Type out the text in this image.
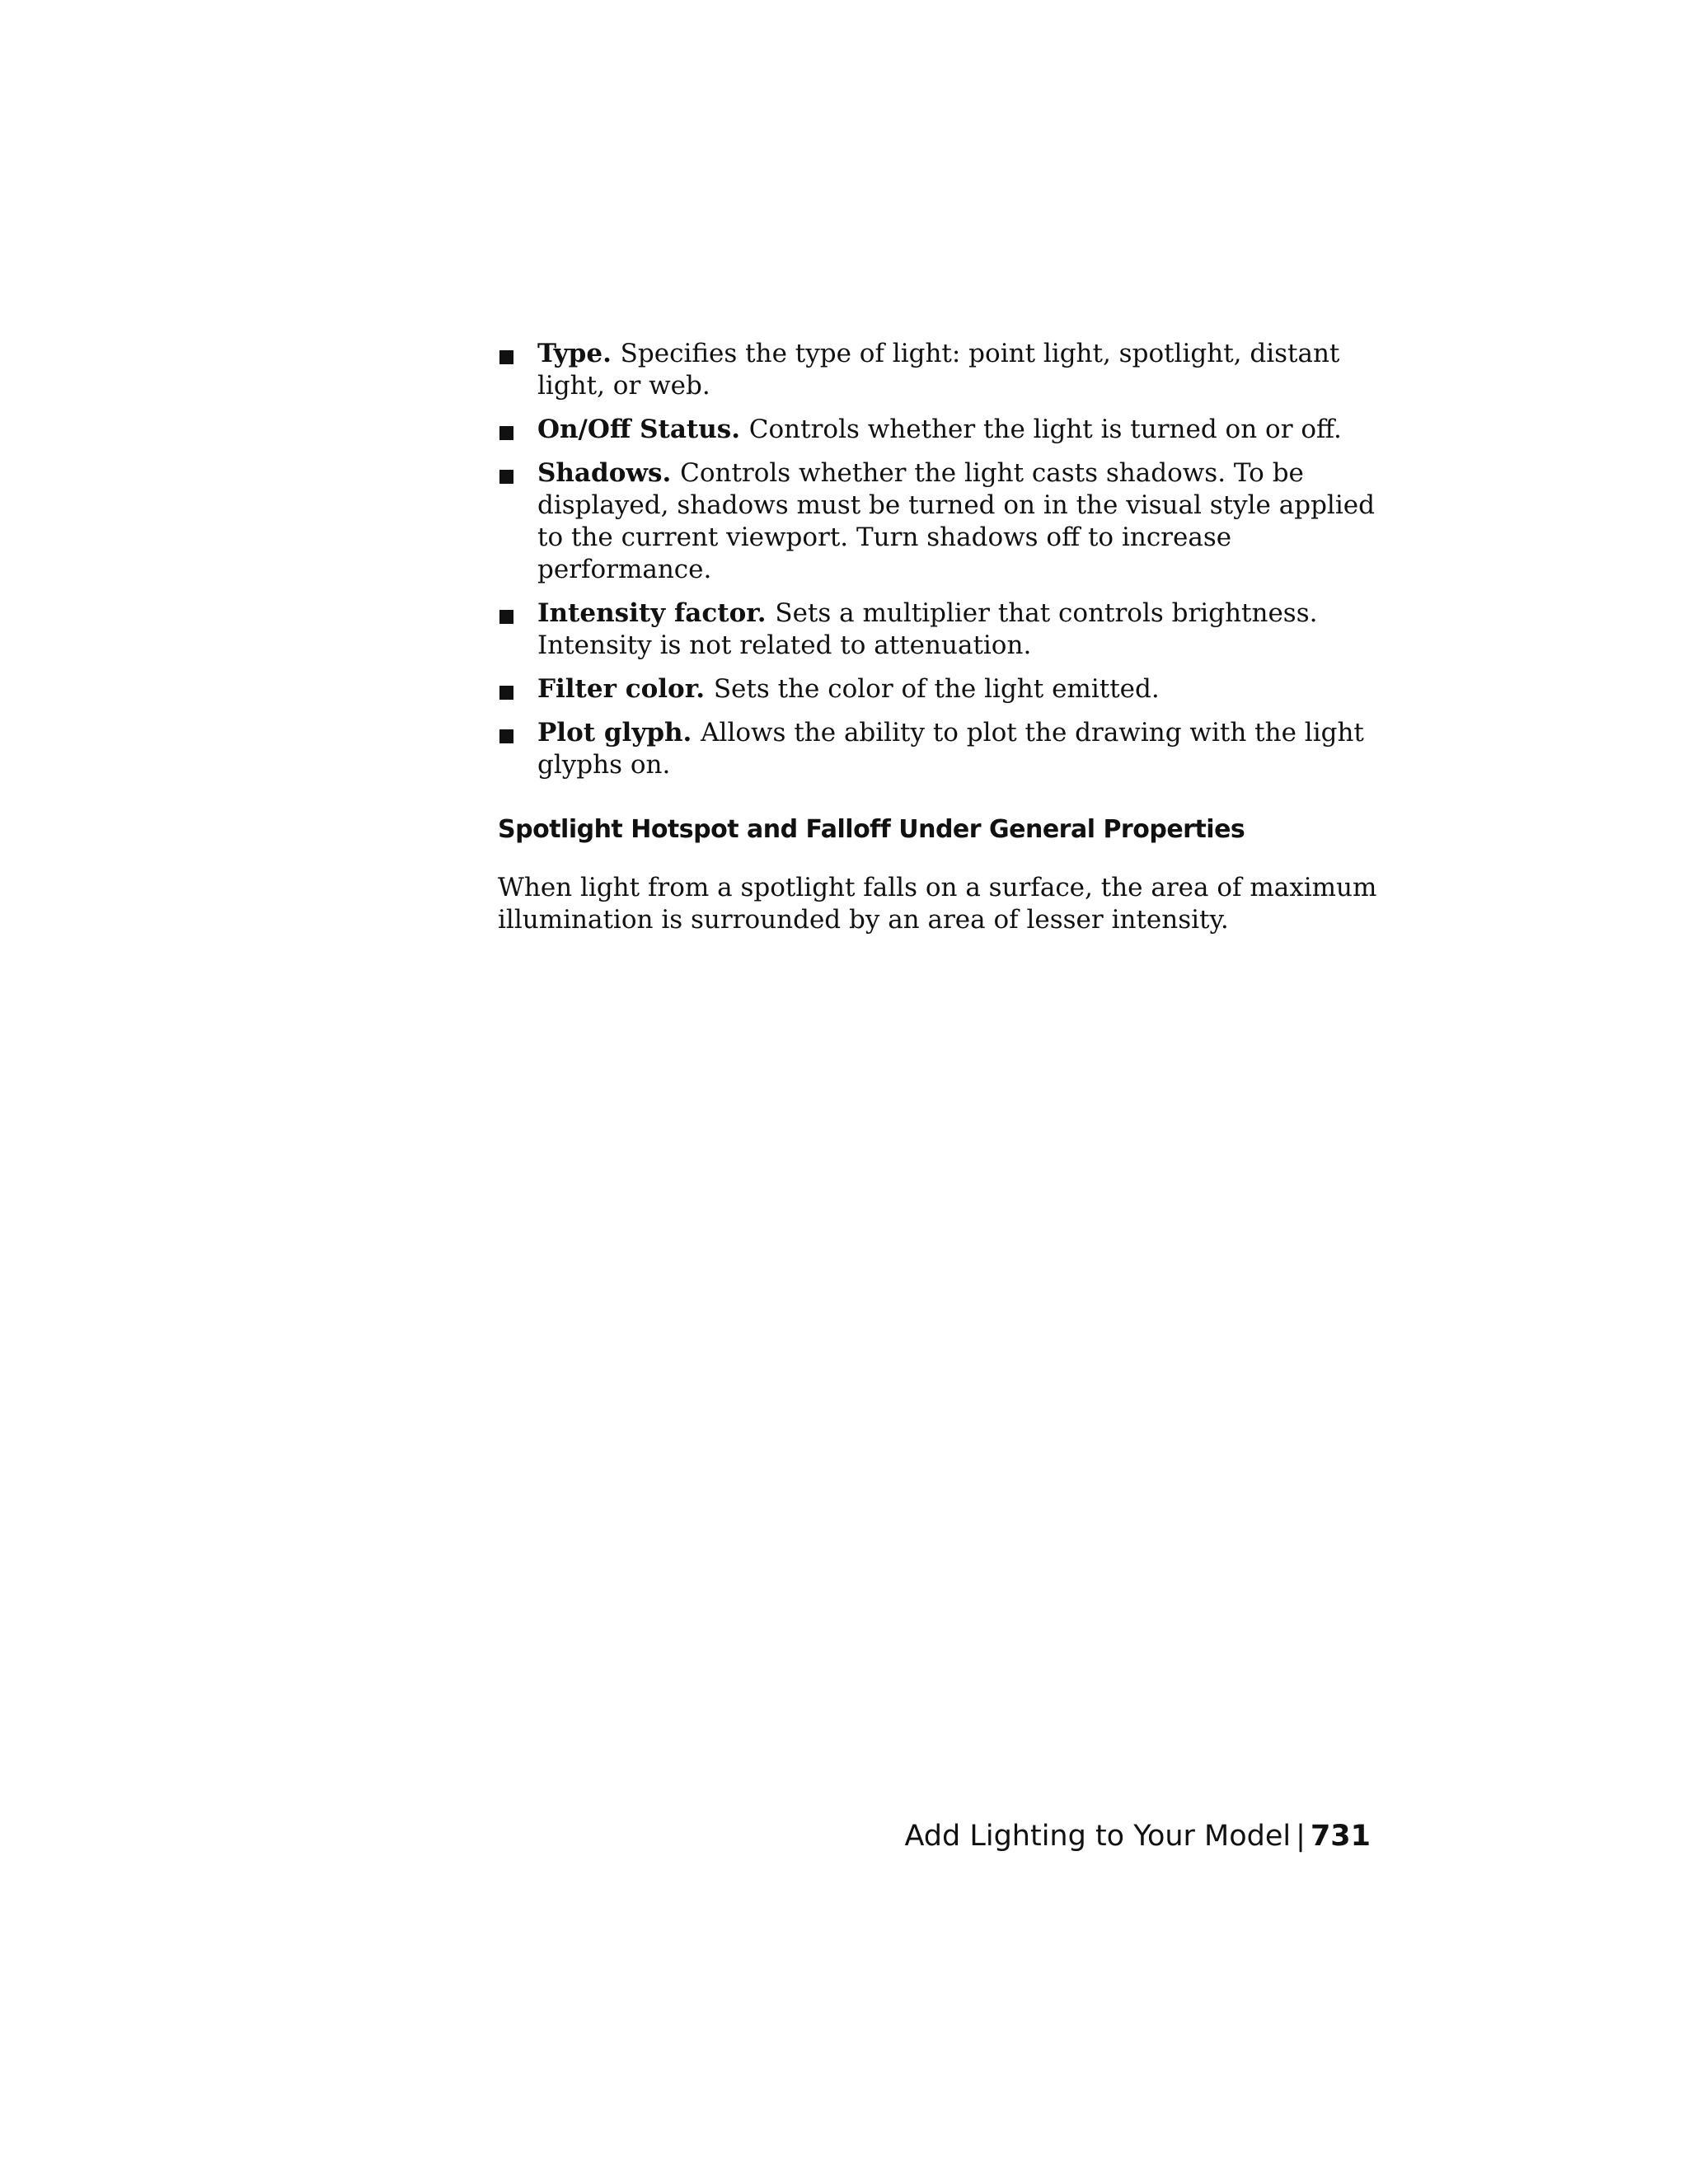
Type. Specifies the type of light: point light, spotlight, distant light, or web.
On/Off Status. Controls whether the light is turned on or off.
Shadows. Controls whether the light casts shadows. To be displayed, shadows must be turned on in the visual style applied to the current viewport. Turn shadows off to increase performance.
Intensity factor. Sets a multiplier that controls brightness. Intensity is not related to attenuation.
Filter color. Sets the color of the light emitted.
Plot glyph. Allows the ability to plot the drawing with the light glyphs on.
Spotlight Hotspot and Falloff Under General Properties

When light from a spotlight falls on a surface, the area of maximum illumination is surrounded by an area of lesser intensity.

Add Lighting to Your Model | 731
